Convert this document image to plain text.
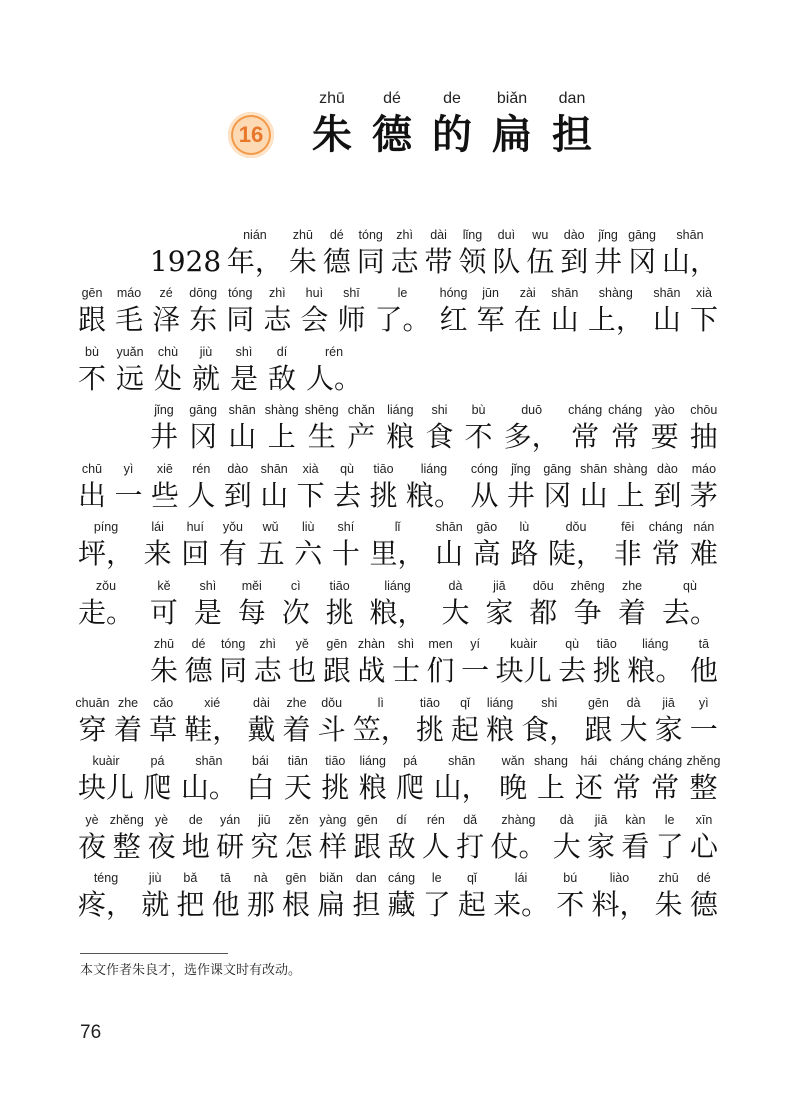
16
zhū
朱
dé
德
de
的
biǎn
扁
dan
担
1928
nián
年，
zhū
朱
dé
德
tóng
同
zhì
志
dài
带
lǐng
领
duì
队
wu
伍
dào
到
jǐng
井
gāng
冈
shān
山，
gēn
跟
máo
毛
zé
泽
dōng
东
tóng
同
zhì
志
huì
会
shī
师
le
了。
hóng
红
jūn
军
zài
在
shān
山
shàng
上，
shān
山
xià
下
bù
不
yuǎn
远
chù
处
jiù
就
shì
是
dí
敌
rén
人。
jǐng
井
gāng
冈
shān
山
shàng
上
shēng
生
chǎn
产
liáng
粮
shi
食
bù
不
duō
多，
cháng
常
cháng
常
yào
要
chōu
抽
chū
出
yì
一
xiē
些
rén
人
dào
到
shān
山
xià
下
qù
去
tiāo
挑
liáng
粮。
cóng
从
jǐng
井
gāng
冈
shān
山
shàng
上
dào
到
máo
茅
píng
坪，
lái
来
huí
回
yǒu
有
wǔ
五
liù
六
shí
十
lǐ
里，
shān
山
gāo
高
lù
路
dǒu
陡，
fēi
非
cháng
常
nán
难
zǒu
走。
kě
可
shì
是
měi
每
cì
次
tiāo
挑
liáng
粮，
dà
大
jiā
家
dōu
都
zhēng
争
zhe
着
qù
去。
zhū
朱
dé
德
tóng
同
zhì
志
yě
也
gēn
跟
zhàn
战
shì
士
men
们
yí
一
kuàir
块儿
qù
去
tiāo
挑
liáng
粮。
tā
他
chuān
穿
zhe
着
cǎo
草
xié
鞋，
dài
戴
zhe
着
dǒu
斗
lì
笠，
tiāo
挑
qǐ
起
liáng
粮
shi
食，
gēn
跟
dà
大
jiā
家
yì
一
kuàir
块儿
pá
爬
shān
山。
bái
白
tiān
天
tiāo
挑
liáng
粮
pá
爬
shān
山，
wǎn
晚
shang
上
hái
还
cháng
常
cháng
常
zhěng
整
yè
夜
zhěng
整
yè
夜
de
地
yán
研
jiū
究
zěn
怎
yàng
样
gēn
跟
dí
敌
rén
人
dǎ
打
zhàng
仗。
dà
大
jiā
家
kàn
看
le
了
xīn
心
téng
疼，
jiù
就
bǎ
把
tā
他
nà
那
gēn
根
biǎn
扁
dan
担
cáng
藏
le
了
qǐ
起
lái
来。
bú
不
liào
料，
zhū
朱
dé
德
本文作者朱良才，选作课文时有改动。
76
